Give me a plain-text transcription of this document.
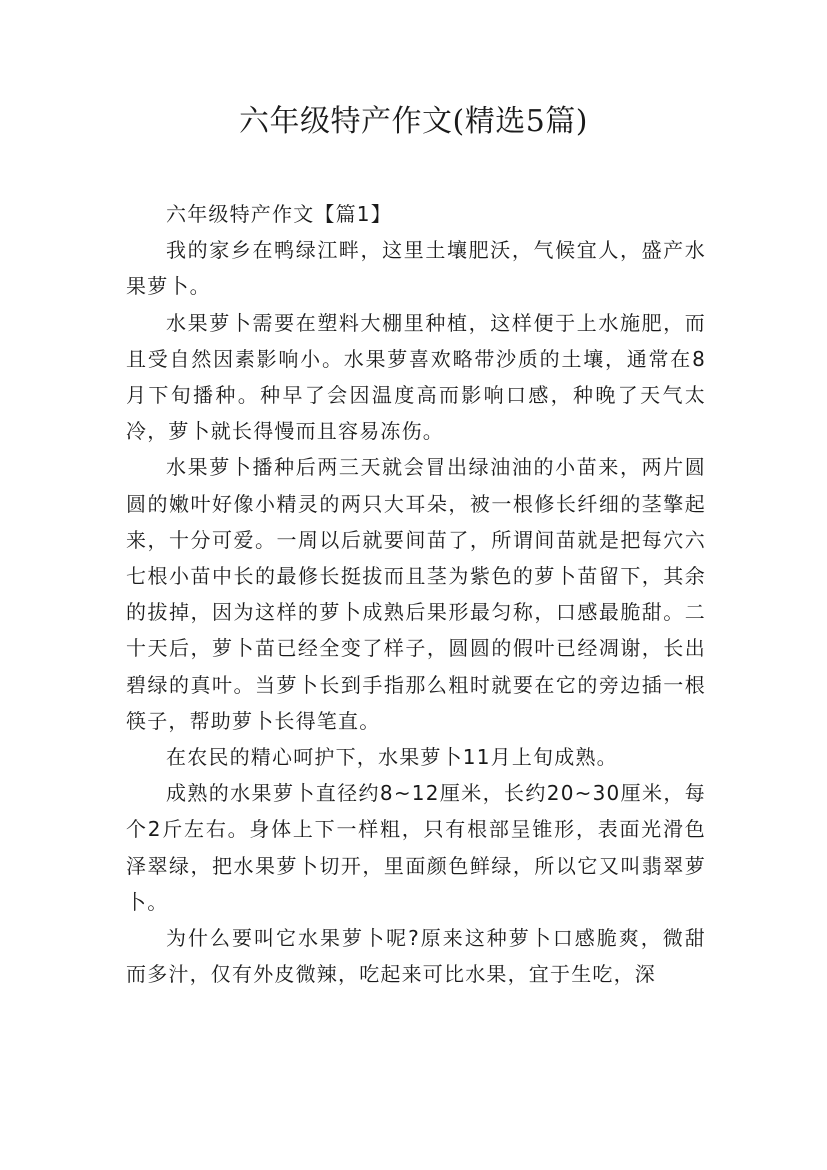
六年级特产作文(精选5篇)

六年级特产作文【篇1】

我的家乡在鸭绿江畔，这里土壤肥沃，气候宜人，盛产水果萝卜。

水果萝卜需要在塑料大棚里种植，这样便于上水施肥，而且受自然因素影响小。水果萝喜欢略带沙质的土壤，通常在8月下旬播种。种早了会因温度高而影响口感，种晚了天气太冷，萝卜就长得慢而且容易冻伤。

水果萝卜播种后两三天就会冒出绿油油的小苗来，两片圆圆的嫩叶好像小精灵的两只大耳朵，被一根修长纤细的茎擎起来，十分可爱。一周以后就要间苗了，所谓间苗就是把每穴六七根小苗中长的最修长挺拔而且茎为紫色的萝卜苗留下，其余的拔掉，因为这样的萝卜成熟后果形最匀称，口感最脆甜。二十天后，萝卜苗已经全变了样子，圆圆的假叶已经凋谢，长出碧绿的真叶。当萝卜长到手指那么粗时就要在它的旁边插一根筷子，帮助萝卜长得笔直。

在农民的精心呵护下，水果萝卜11月上旬成熟。

成熟的水果萝卜直径约8~12厘米，长约20~30厘米，每个2斤左右。身体上下一样粗，只有根部呈锥形，表面光滑色泽翠绿，把水果萝卜切开，里面颜色鲜绿，所以它又叫翡翠萝卜。

为什么要叫它水果萝卜呢?原来这种萝卜口感脆爽，微甜而多汁，仅有外皮微辣，吃起来可比水果，宜于生吃，深
